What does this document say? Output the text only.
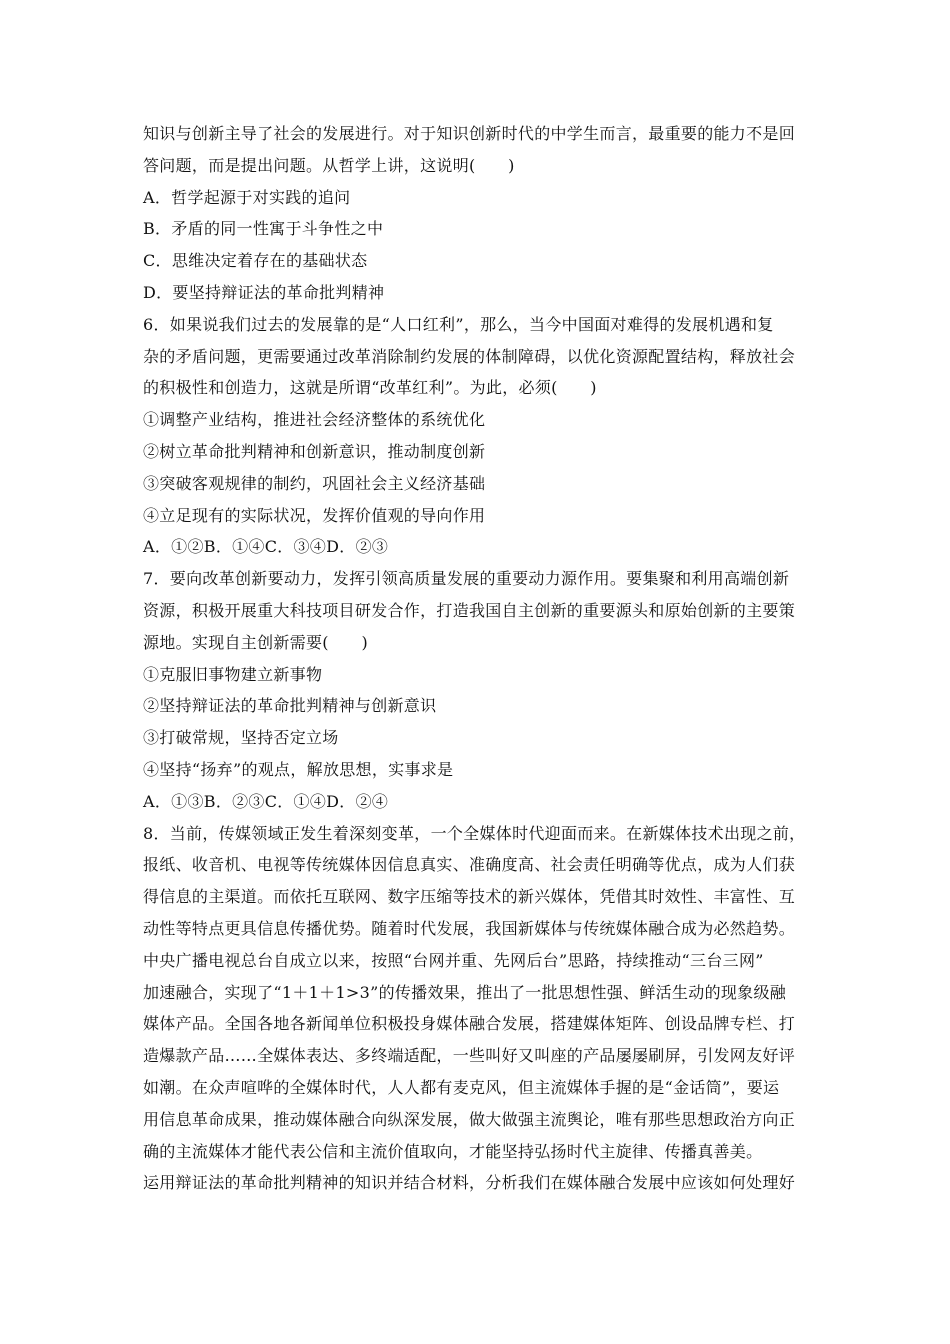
知识与创新主导了社会的发展进行。对于知识创新时代的中学生而言，最重要的能力不是回
答问题，而是提出问题。从哲学上讲，这说明(　　)
A．哲学起源于对实践的追问
B．矛盾的同一性寓于斗争性之中
C．思维决定着存在的基础状态
D．要坚持辩证法的革命批判精神
6．如果说我们过去的发展靠的是“人口红利”，那么，当今中国面对难得的发展机遇和复
杂的矛盾问题，更需要通过改革消除制约发展的体制障碍，以优化资源配置结构，释放社会
的积极性和创造力，这就是所谓“改革红利”。为此，必须(　　)
①调整产业结构，推进社会经济整体的系统优化
②树立革命批判精神和创新意识，推动制度创新
③突破客观规律的制约，巩固社会主义经济基础
④立足现有的实际状况，发挥价值观的导向作用
A．①②B．①④C．③④D．②③
7．要向改革创新要动力，发挥引领高质量发展的重要动力源作用。要集聚和利用高端创新
资源，积极开展重大科技项目研发合作，打造我国自主创新的重要源头和原始创新的主要策
源地。实现自主创新需要(　　)
①克服旧事物建立新事物
②坚持辩证法的革命批判精神与创新意识
③打破常规，坚持否定立场
④坚持“扬弃”的观点，解放思想，实事求是
A．①③B．②③C．①④D．②④
8．当前，传媒领域正发生着深刻变革，一个全媒体时代迎面而来。在新媒体技术出现之前，
报纸、收音机、电视等传统媒体因信息真实、准确度高、社会责任明确等优点，成为人们获
得信息的主渠道。而依托互联网、数字压缩等技术的新兴媒体，凭借其时效性、丰富性、互
动性等特点更具信息传播优势。随着时代发展，我国新媒体与传统媒体融合成为必然趋势。
中央广播电视总台自成立以来，按照“台网并重、先网后台”思路，持续推动“三台三网”
加速融合，实现了“1＋1＋1>3”的传播效果，推出了一批思想性强、鲜活生动的现象级融
媒体产品。全国各地各新闻单位积极投身媒体融合发展，搭建媒体矩阵、创设品牌专栏、打
造爆款产品……全媒体表达、多终端适配，一些叫好又叫座的产品屡屡刷屏，引发网友好评
如潮。在众声喧哗的全媒体时代，人人都有麦克风，但主流媒体手握的是“金话筒”，要运
用信息革命成果，推动媒体融合向纵深发展，做大做强主流舆论，唯有那些思想政治方向正
确的主流媒体才能代表公信和主流价值取向，才能坚持弘扬时代主旋律、传播真善美。
运用辩证法的革命批判精神的知识并结合材料，分析我们在媒体融合发展中应该如何处理好
